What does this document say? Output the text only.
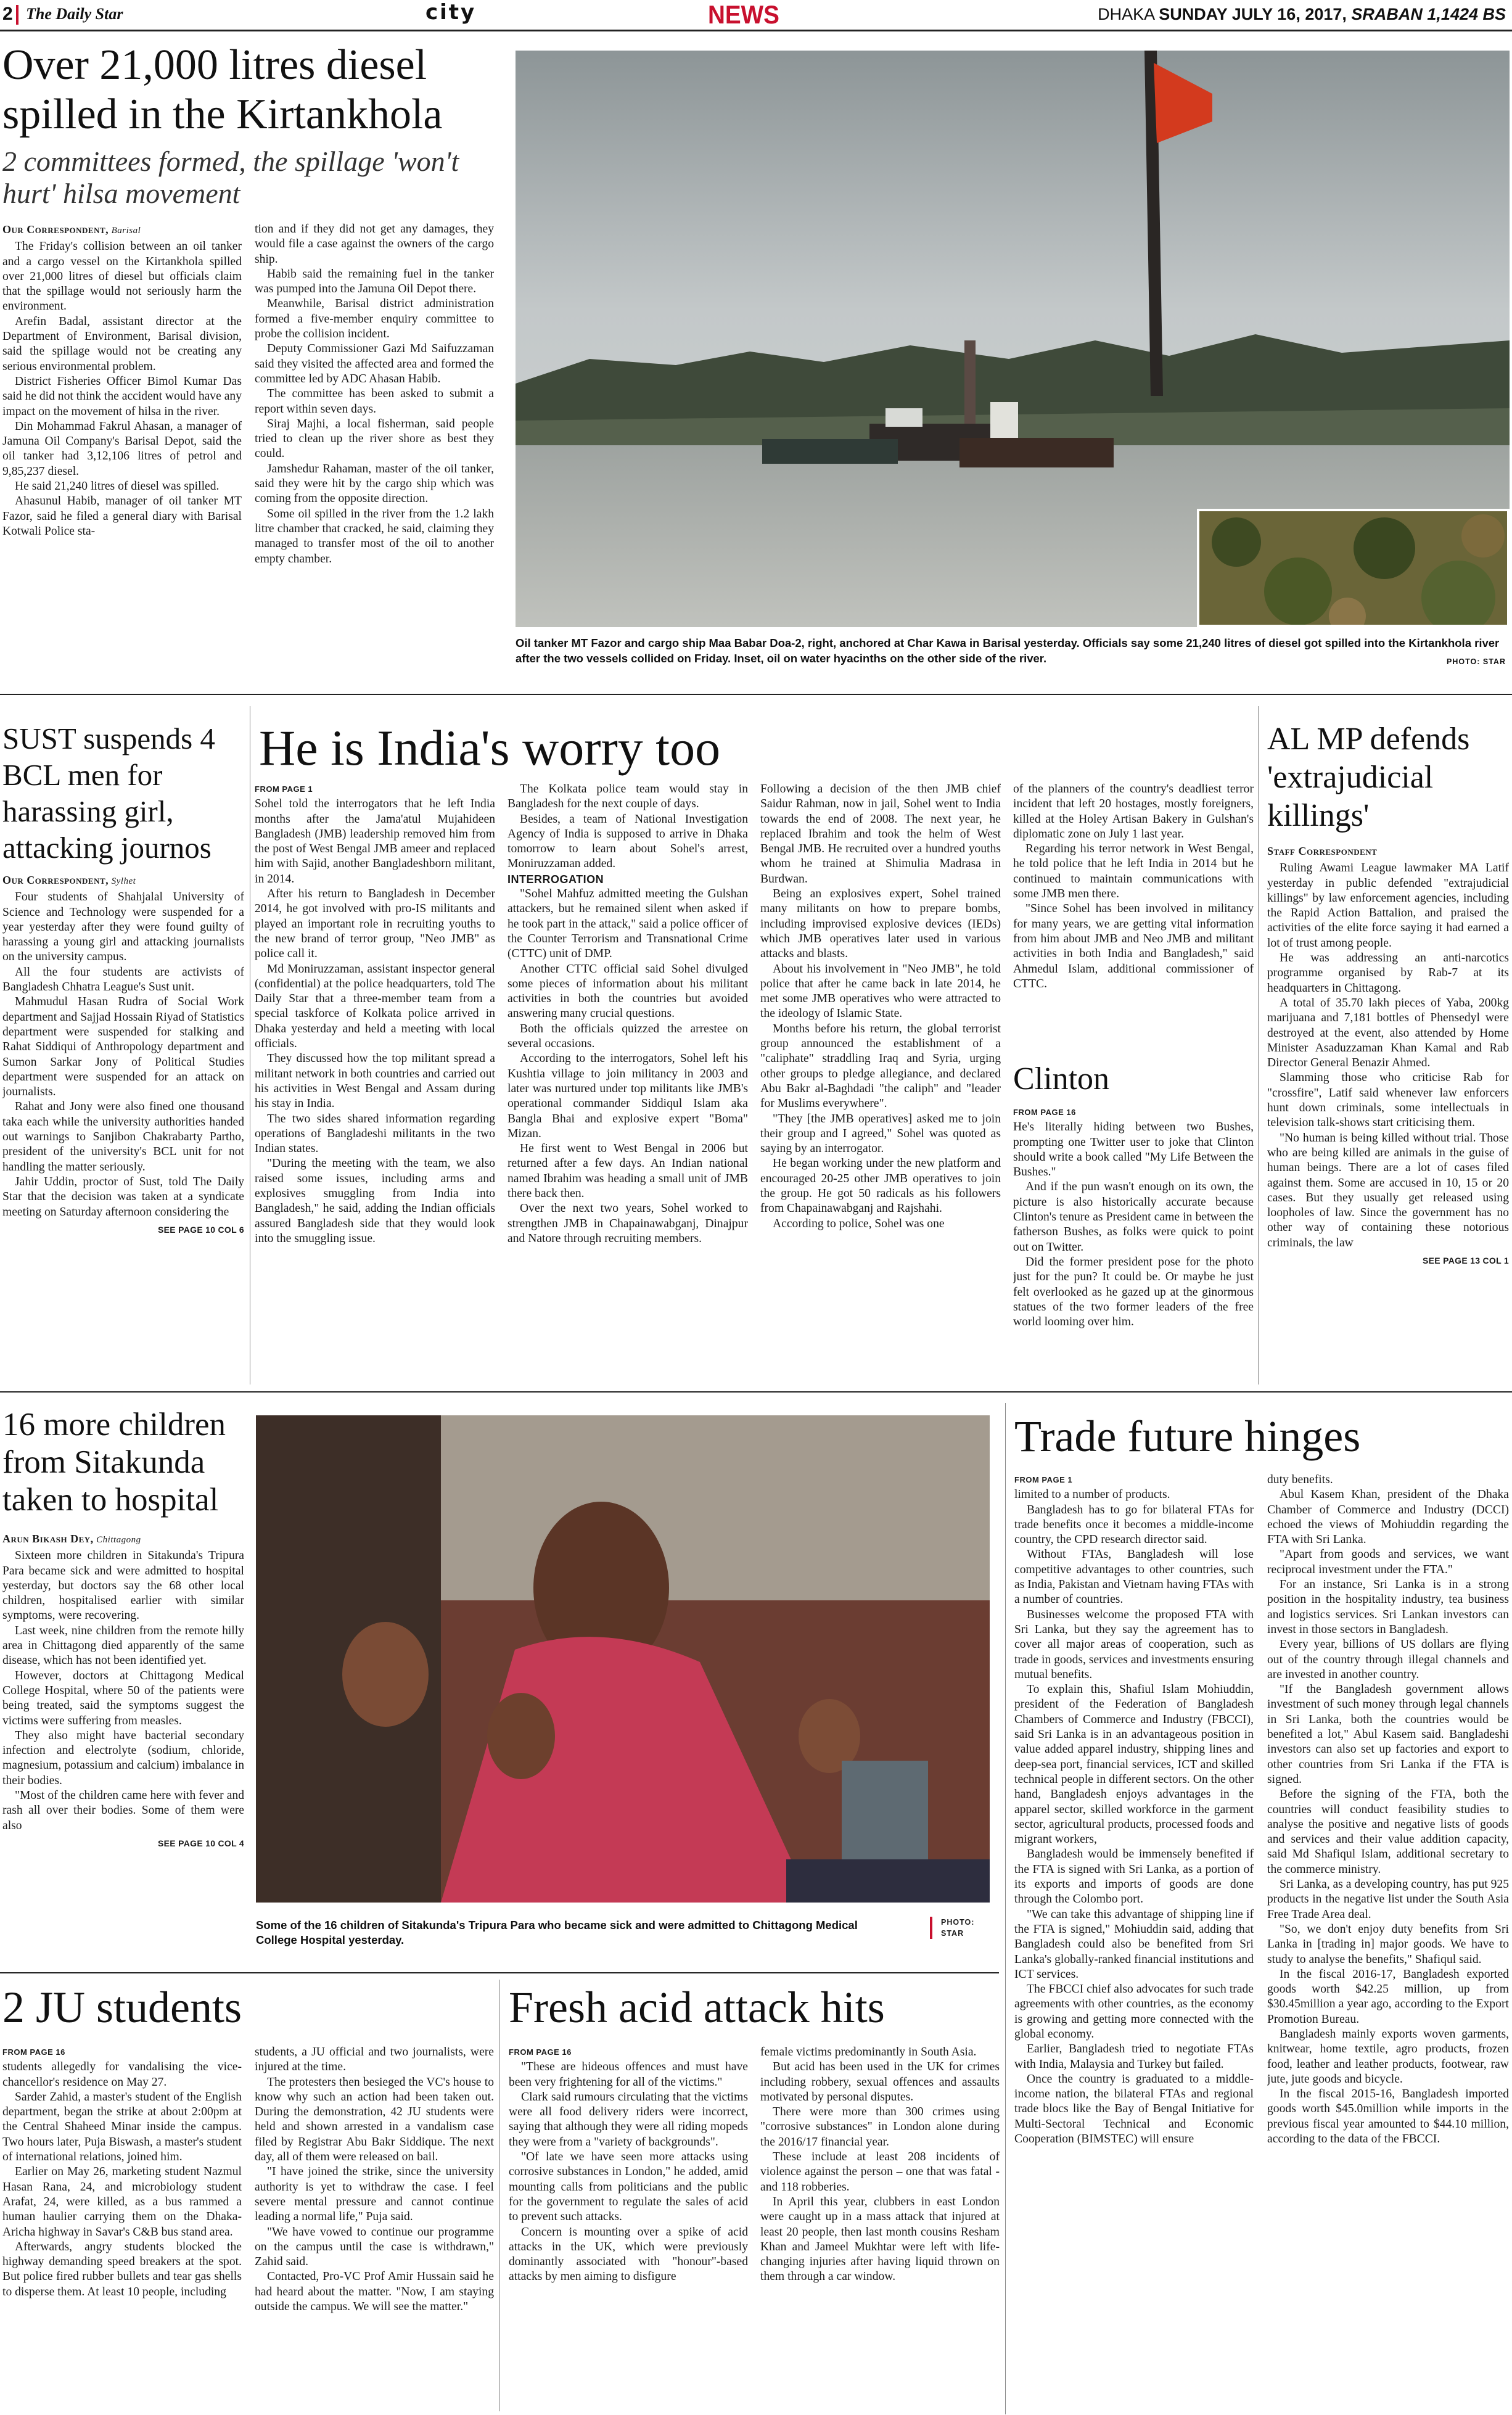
2 The Daily Star	city	NEWS	DHAKA SUNDAY JULY 16, 2017, SRABAN 1,1424 BS
Over 21,000 litres diesel spilled in the Kirtankhola
2 committees formed, the spillage 'won't hurt' hilsa movement
Our Correspondent, Barisal

The Friday's collision between an oil tanker and a cargo vessel on the Kirtankhola spilled over 21,000 litres of diesel but officials claim that the spillage would not seriously harm the environment.

Arefin Badal, assistant director at the Department of Environment, Barisal division, said the spillage would not be creating any serious environmental problem.

District Fisheries Officer Bimol Kumar Das said he did not think the accident would have any impact on the movement of hilsa in the river.

Din Mohammad Fakrul Ahasan, a manager of Jamuna Oil Company's Barisal Depot, said the oil tanker had 3,12,106 litres of petrol and 9,85,237 diesel.

He said 21,240 litres of diesel was spilled.

Ahasunul Habib, manager of oil tanker MT Fazor, said he filed a general diary with Barisal Kotwali Police sta-

tion and if they did not get any damages, they would file a case against the owners of the cargo ship.

Habib said the remaining fuel in the tanker was pumped into the Jamuna Oil Depot there.

Meanwhile, Barisal district administration formed a five-member enquiry committee to probe the collision incident.

Deputy Commissioner Gazi Md Saifuzzaman said they visited the affected area and formed the committee led by ADC Ahasan Habib.

The committee has been asked to submit a report within seven days.

Siraj Majhi, a local fisherman, said people tried to clean up the river shore as best they could.

Jamshedur Rahaman, master of the oil tanker, said they were hit by the cargo ship which was coming from the opposite direction.

Some oil spilled in the river from the 1.2 lakh litre chamber that cracked, he said, claiming they managed to transfer most of the oil to another empty chamber.

Oil tanker MT Fazor and cargo ship Maa Babar Doa-2, right, anchored at Char Kawa in Barisal yesterday. Officials say some 21,240 litres of diesel got spilled into the Kirtankhola river after the two vessels collided on Friday. Inset, oil on water hyacinths on the other side of the river.	PHOTO: STAR
SUST suspends 4 BCL men for harassing girl, attacking journos
Our Correspondent, Sylhet

Four students of Shahjalal University of Science and Technology were suspended for a year yesterday after they were found guilty of harassing a young girl and attacking journalists on the university campus.

All the four students are activists of Bangladesh Chhatra League's Sust unit.

Mahmudul Hasan Rudra of Social Work department and Sajjad Hossain Riyad of Statistics department were suspended for stalking and Rahat Siddiqui of Anthropology department and Sumon Sarkar Jony of Political Studies department were suspended for an attack on journalists.

Rahat and Jony were also fined one thousand taka each while the university authorities handed out warnings to Sanjibon Chakrabarty Partho, president of the university's BCL unit for not handling the matter seriously.

Jahir Uddin, proctor of Sust, told The Daily Star that the decision was taken at a syndicate meeting on Saturday afternoon considering the

SEE PAGE 10 COL 6
He is India's worry too
FROM PAGE 1

Sohel told the interrogators that he left India months after the Jama'atul Mujahideen Bangladesh (JMB) leadership removed him from the post of West Bengal JMB ameer and replaced him with Sajid, another Bangladeshborn militant, in 2014.

After his return to Bangladesh in December 2014, he got involved with pro-IS militants and played an important role in recruiting youths to the new brand of terror group, "Neo JMB" as police call it.

Md Moniruzzaman, assistant inspector general (confidential) at the police headquarters, told The Daily Star that a three-member team from a special taskforce of Kolkata police arrived in Dhaka yesterday and held a meeting with local officials.

They discussed how the top militant spread a militant network in both countries and carried out his activities in West Bengal and Assam during his stay in India.

The two sides shared information regarding operations of Bangladeshi militants in the two Indian states.

"During the meeting with the team, we also raised some issues, including arms and explosives smuggling from India into Bangladesh," he said, adding the Indian officials assured Bangladesh side that they would look into the smuggling issue.

The Kolkata police team would stay in Bangladesh for the next couple of days.

Besides, a team of National Investigation Agency of India is supposed to arrive in Dhaka tomorrow to learn about Sohel's arrest, Moniruzzaman added.

INTERROGATION

"Sohel Mahfuz admitted meeting the Gulshan attackers, but he remained silent when asked if he took part in the attack," said a police officer of the Counter Terrorism and Transnational Crime (CTTC) unit of DMP.

Another CTTC official said Sohel divulged some pieces of information about his militant activities in both the countries but avoided answering many crucial questions.

Both the officials quizzed the arrestee on several occasions.

According to the interrogators, Sohel left his Kushtia village to join militancy in 2003 and later was nurtured under top militants like JMB's operational commander Siddiqul Islam aka Bangla Bhai and explosive expert "Boma" Mizan.

He first went to West Bengal in 2006 but returned after a few days. An Indian national named Ibrahim was heading a small unit of JMB there back then.

Over the next two years, Sohel worked to strengthen JMB in Chapainawabganj, Dinajpur and Natore through recruiting members.

Following a decision of the then JMB chief Saidur Rahman, now in jail, Sohel went to India towards the end of 2008. The next year, he replaced Ibrahim and took the helm of West Bengal JMB. He recruited over a hundred youths whom he trained at Shimulia Madrasa in Burdwan.

Being an explosives expert, Sohel trained many militants on how to prepare bombs, including improvised explosive devices (IEDs) which JMB operatives later used in various attacks and blasts.

About his involvement in "Neo JMB", he told police that after he came back in late 2014, he met some JMB operatives who were attracted to the ideology of Islamic State.

Months before his return, the global terrorist group announced the establishment of a "caliphate" straddling Iraq and Syria, urging other groups to pledge allegiance, and declared Abu Bakr al-Baghdadi "the caliph" and "leader for Muslims everywhere".

"They [the JMB operatives] asked me to join their group and I agreed," Sohel was quoted as saying by an interrogator.

He began working under the new platform and encouraged 20-25 other JMB operatives to join the group. He got 50 radicals as his followers from Chapainawabganj and Rajshahi.

According to police, Sohel was one

of the planners of the country's deadliest terror incident that left 20 hostages, mostly foreigners, killed at the Holey Artisan Bakery in Gulshan's diplomatic zone on July 1 last year.

Regarding his terror network in West Bengal, he told police that he left India in 2014 but he continued to maintain communications with some JMB men there.

"Since Sohel has been involved in militancy for many years, we are getting vital information from him about JMB and Neo JMB and militant activities in both India and Bangladesh," said Ahmedul Islam, additional commissioner of CTTC.

Clinton
FROM PAGE 16

He's literally hiding between two Bushes, prompting one Twitter user to joke that Clinton should write a book called "My Life Between the Bushes."

And if the pun wasn't enough on its own, the picture is also historically accurate because Clinton's tenure as President came in between the fatherson Bushes, as folks were quick to point out on Twitter.

Did the former president pose for the photo just for the pun? It could be. Or maybe he just felt overlooked as he gazed up at the ginormous statues of the two former leaders of the free world looming over him.

AL MP defends 'extrajudicial killings'
Staff Correspondent

Ruling Awami League lawmaker MA Latif yesterday in public defended "extrajudicial killings" by law enforcement agencies, including the Rapid Action Battalion, and praised the activities of the elite force saying it had earned a lot of trust among people.

He was addressing an anti-narcotics programme organised by Rab-7 at its headquarters in Chittagong.

A total of 35.70 lakh pieces of Yaba, 200kg marijuana and 7,181 bottles of Phensedyl were destroyed at the event, also attended by Home Minister Asaduzzaman Khan Kamal and Rab Director General Benazir Ahmed.

Slamming those who criticise Rab for "crossfire", Latif said whenever law enforcers hunt down criminals, some intellectuals in television talk-shows start criticising them.

"No human is being killed without trial. Those who are being killed are animals in the guise of human beings. There are a lot of cases filed against them. Some are accused in 10, 15 or 20 cases. But they usually get released using loopholes of law. Since the government has no other way of containing these notorious criminals, the law

SEE PAGE 13 COL 1
16 more children from Sitakunda taken to hospital
Arun Bikash Dey, Chittagong

Sixteen more children in Sitakunda's Tripura Para became sick and were admitted to hospital yesterday, but doctors say the 68 other local children, hospitalised earlier with similar symptoms, were recovering.

Last week, nine children from the remote hilly area in Chittagong died apparently of the same disease, which has not been identified yet.

However, doctors at Chittagong Medical College Hospital, where 50 of the patients were being treated, said the symptoms suggest the victims were suffering from measles.

They also might have bacterial secondary infection and electrolyte (sodium, chloride, magnesium, potassium and calcium) imbalance in their bodies.

"Most of the children came here with fever and rash all over their bodies. Some of them were also

SEE PAGE 10 COL 4
Some of the 16 children of Sitakunda's Tripura Para who became sick and were admitted to Chittagong Medical College Hospital yesterday.
PHOTO:
STAR
Trade future hinges
FROM PAGE 1

limited to a number of products.

Bangladesh has to go for bilateral FTAs for trade benefits once it becomes a middle-income country, the CPD research director said.

Without FTAs, Bangladesh will lose competitive advantages to other countries, such as India, Pakistan and Vietnam having FTAs with a number of countries.

Businesses welcome the proposed FTA with Sri Lanka, but they say the agreement has to cover all major areas of cooperation, such as trade in goods, services and investments ensuring mutual benefits.

To explain this, Shafiul Islam Mohiuddin, president of the Federation of Bangladesh Chambers of Commerce and Industry (FBCCI), said Sri Lanka is in an advantageous position in value added apparel industry, shipping lines and deep-sea port, financial services, ICT and skilled technical people in different sectors. On the other hand, Bangladesh enjoys advantages in the apparel sector, skilled workforce in the garment sector, agricultural products, processed foods and migrant workers,

Bangladesh would be immensely benefited if the FTA is signed with Sri Lanka, as a portion of its exports and imports of goods are done through the Colombo port.

"We can take this advantage of shipping line if the FTA is signed," Mohiuddin said, adding that Bangladesh could also be benefited from Sri Lanka's globally-ranked financial institutions and ICT services.

The FBCCI chief also advocates for such trade agreements with other countries, as the economy is growing and getting more connected with the global economy.

Earlier, Bangladesh tried to negotiate FTAs with India, Malaysia and Turkey but failed.

Once the country is graduated to a middle-income nation, the bilateral FTAs and regional trade blocs like the Bay of Bengal Initiative for Multi-Sectoral Technical and Economic Cooperation (BIMSTEC) will ensure

duty benefits.

Abul Kasem Khan, president of the Dhaka Chamber of Commerce and Industry (DCCI) echoed the views of Mohiuddin regarding the FTA with Sri Lanka.

"Apart from goods and services, we want reciprocal investment under the FTA."

For an instance, Sri Lanka is in a strong position in the hospitality industry, tea business and logistics services. Sri Lankan investors can invest in those sectors in Bangladesh.

Every year, billions of US dollars are flying out of the country through illegal channels and are invested in another country.

"If the Bangladesh government allows investment of such money through legal channels in Sri Lanka, both the countries would be benefited a lot," Abul Kasem said. Bangladeshi investors can also set up factories and export to other countries from Sri Lanka if the FTA is signed.

Before the signing of the FTA, both the countries will conduct feasibility studies to analyse the positive and negative lists of goods and services and their value addition capacity, said Md Shafiqul Islam, additional secretary to the commerce ministry.

Sri Lanka, as a developing country, has put 925 products in the negative list under the South Asia Free Trade Area deal.

"So, we don't enjoy duty benefits from Sri Lanka in [trading in] major goods. We have to study to analyse the benefits," Shafiqul said.

In the fiscal 2016-17, Bangladesh exported goods worth $42.25 million, up from $30.45million a year ago, according to the Export Promotion Bureau.

Bangladesh mainly exports woven garments, knitwear, home textile, agro products, frozen food, leather and leather products, footwear, raw jute, jute goods and bicycle.

In the fiscal 2015-16, Bangladesh imported goods worth $45.0million while imports in the previous fiscal year amounted to $44.10 million, according to the data of the FBCCI.

2 JU students
FROM PAGE 16

students allegedly for vandalising the vice-chancellor's residence on May 27.

Sarder Zahid, a master's student of the English department, began the strike at about 2:00pm at the Central Shaheed Minar inside the campus. Two hours later, Puja Biswash, a master's student of international relations, joined him.

Earlier on May 26, marketing student Nazmul Hasan Rana, 24, and microbiology student Arafat, 24, were killed, as a bus rammed a human haulier carrying them on the Dhaka-Aricha highway in Savar's C&B bus stand area.

Afterwards, angry students blocked the highway demanding speed breakers at the spot. But police fired rubber bullets and tear gas shells to disperse them. At least 10 people, including

students, a JU official and two journalists, were injured at the time.

The protesters then besieged the VC's house to know why such an action had been taken out. During the demonstration, 42 JU students were held and shown arrested in a vandalism case filed by Registrar Abu Bakr Siddique. The next day, all of them were released on bail.

"I have joined the strike, since the university authority is yet to withdraw the case. I feel severe mental pressure and cannot continue leading a normal life," Puja said.

"We have vowed to continue our programme on the campus until the case is withdrawn," Zahid said.

Contacted, Pro-VC Prof Amir Hussain said he had heard about the matter. "Now, I am staying outside the campus. We will see the matter."

Fresh acid attack hits
FROM PAGE 16

"These are hideous offences and must have been very frightening for all of the victims."

Clark said rumours circulating that the victims were all food delivery riders were incorrect, saying that although they were all riding mopeds they were from a "variety of backgrounds".

"Of late we have seen more attacks using corrosive substances in London," he added, amid mounting calls from politicians and the public for the government to regulate the sales of acid to prevent such attacks.

Concern is mounting over a spike of acid attacks in the UK, which were previously dominantly associated with "honour"-based attacks by men aiming to disfigure

female victims predominantly in South Asia.

But acid has been used in the UK for crimes including robbery, sexual offences and assaults motivated by personal disputes.

There were more than 300 crimes using "corrosive substances" in London alone during the 2016/17 financial year.

These include at least 208 incidents of violence against the person – one that was fatal - and 118 robberies.

In April this year, clubbers in east London were caught up in a mass attack that injured at least 20 people, then last month cousins Resham Khan and Jameel Mukhtar were left with life-changing injuries after having liquid thrown on them through a car window.
